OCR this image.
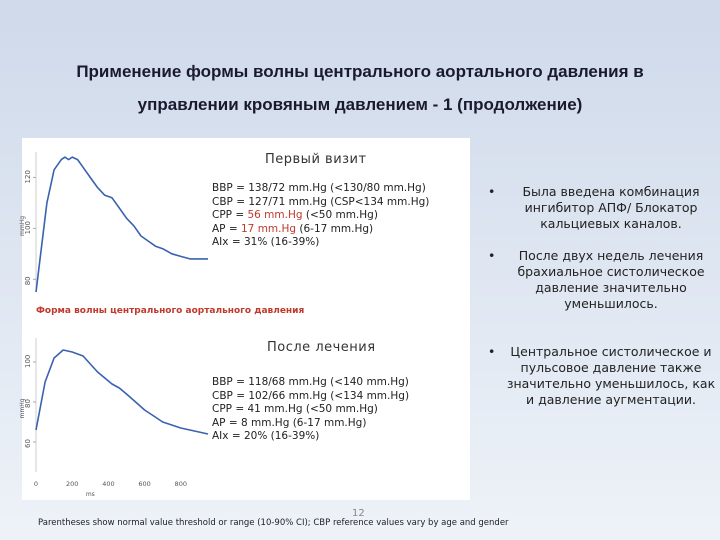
Применение формы волны центрального аортального давления в
управлении кровяным давлением - 1 (продолжение)
80
100
120
mmHg
60
80
100
mmHg
0	200	400	600	800
ms
Первый визит
BBP = 138/72 mm.Hg (<130/80 mm.Hg)
CBP = 127/71 mm.Hg (CSP<134 mm.Hg)
CPP = 56 mm.Hg (<50 mm.Hg)
AP = 17 mm.Hg (6-17 mm.Hg)
AIx = 31% (16-39%)
Форма волны центрального аортального давления
После лечения
BBP = 118/68 mm.Hg (<140 mm.Hg)
CBP = 102/66 mm.Hg (<134 mm.Hg)
CPP = 41 mm.Hg (<50 mm.Hg)
AP = 8 mm.Hg (6-17 mm.Hg)
AIx = 20% (16-39%)
• Была введена комбинация ингибитор АПФ/ Блокатор кальциевых каналов.
• После двух недель лечения брахиальное систолическое давление значительно уменьшилось.
• Центральное систолическое и пульсовое давление также значительно уменьшилось, как и давление аугментации.
12
Parentheses show normal value threshold or range (10-90% CI); CBP reference values vary by age and gender
